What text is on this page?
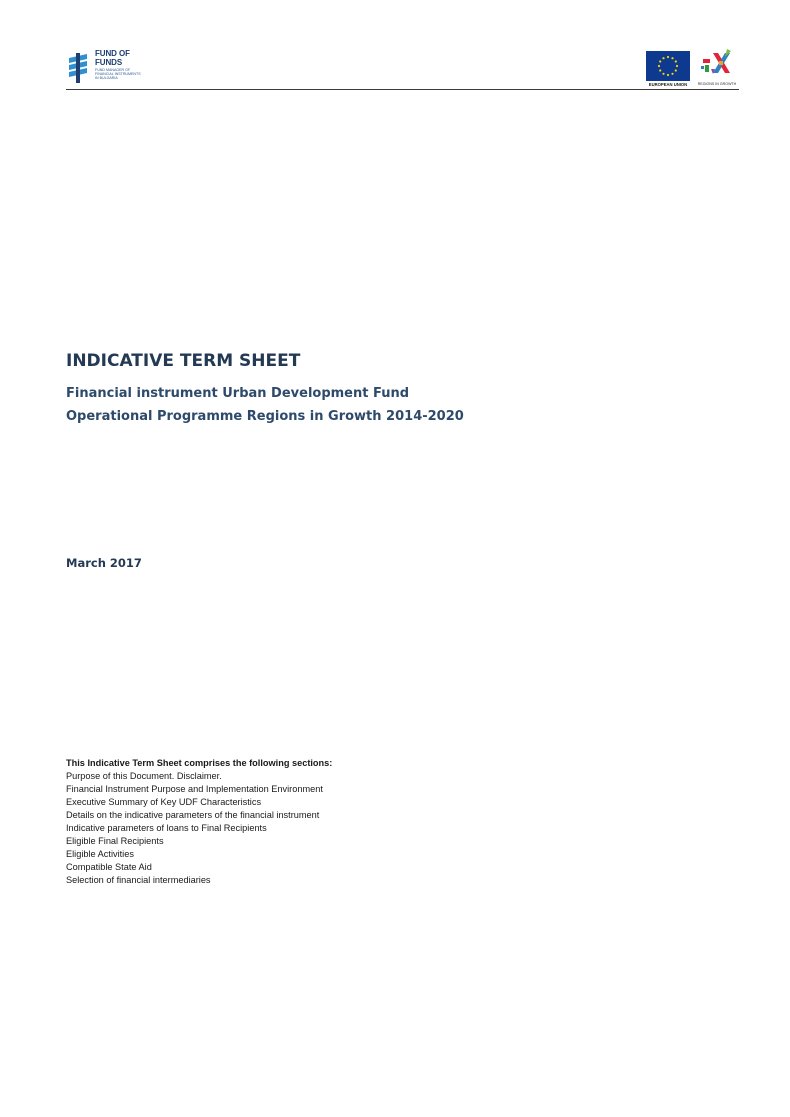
FUND OF
FUNDS
FUND MANAGER OF
FINANCIAL INSTRUMENTS
IN BULGARIA
EUROPEAN UNION	REGIONS IN GROWTH
INDICATIVE TERM SHEET
Financial instrument Urban Development Fund
Operational Programme Regions in Growth 2014-2020

March 2017

This Indicative Term Sheet comprises the following sections:
Purpose of this Document. Disclaimer.
Financial Instrument Purpose and Implementation Environment
Executive Summary of Key UDF Characteristics
Details on the indicative parameters of the financial instrument
Indicative parameters of loans to Final Recipients
Eligible Final Recipients
Eligible Activities
Compatible State Aid
Selection of financial intermediaries
